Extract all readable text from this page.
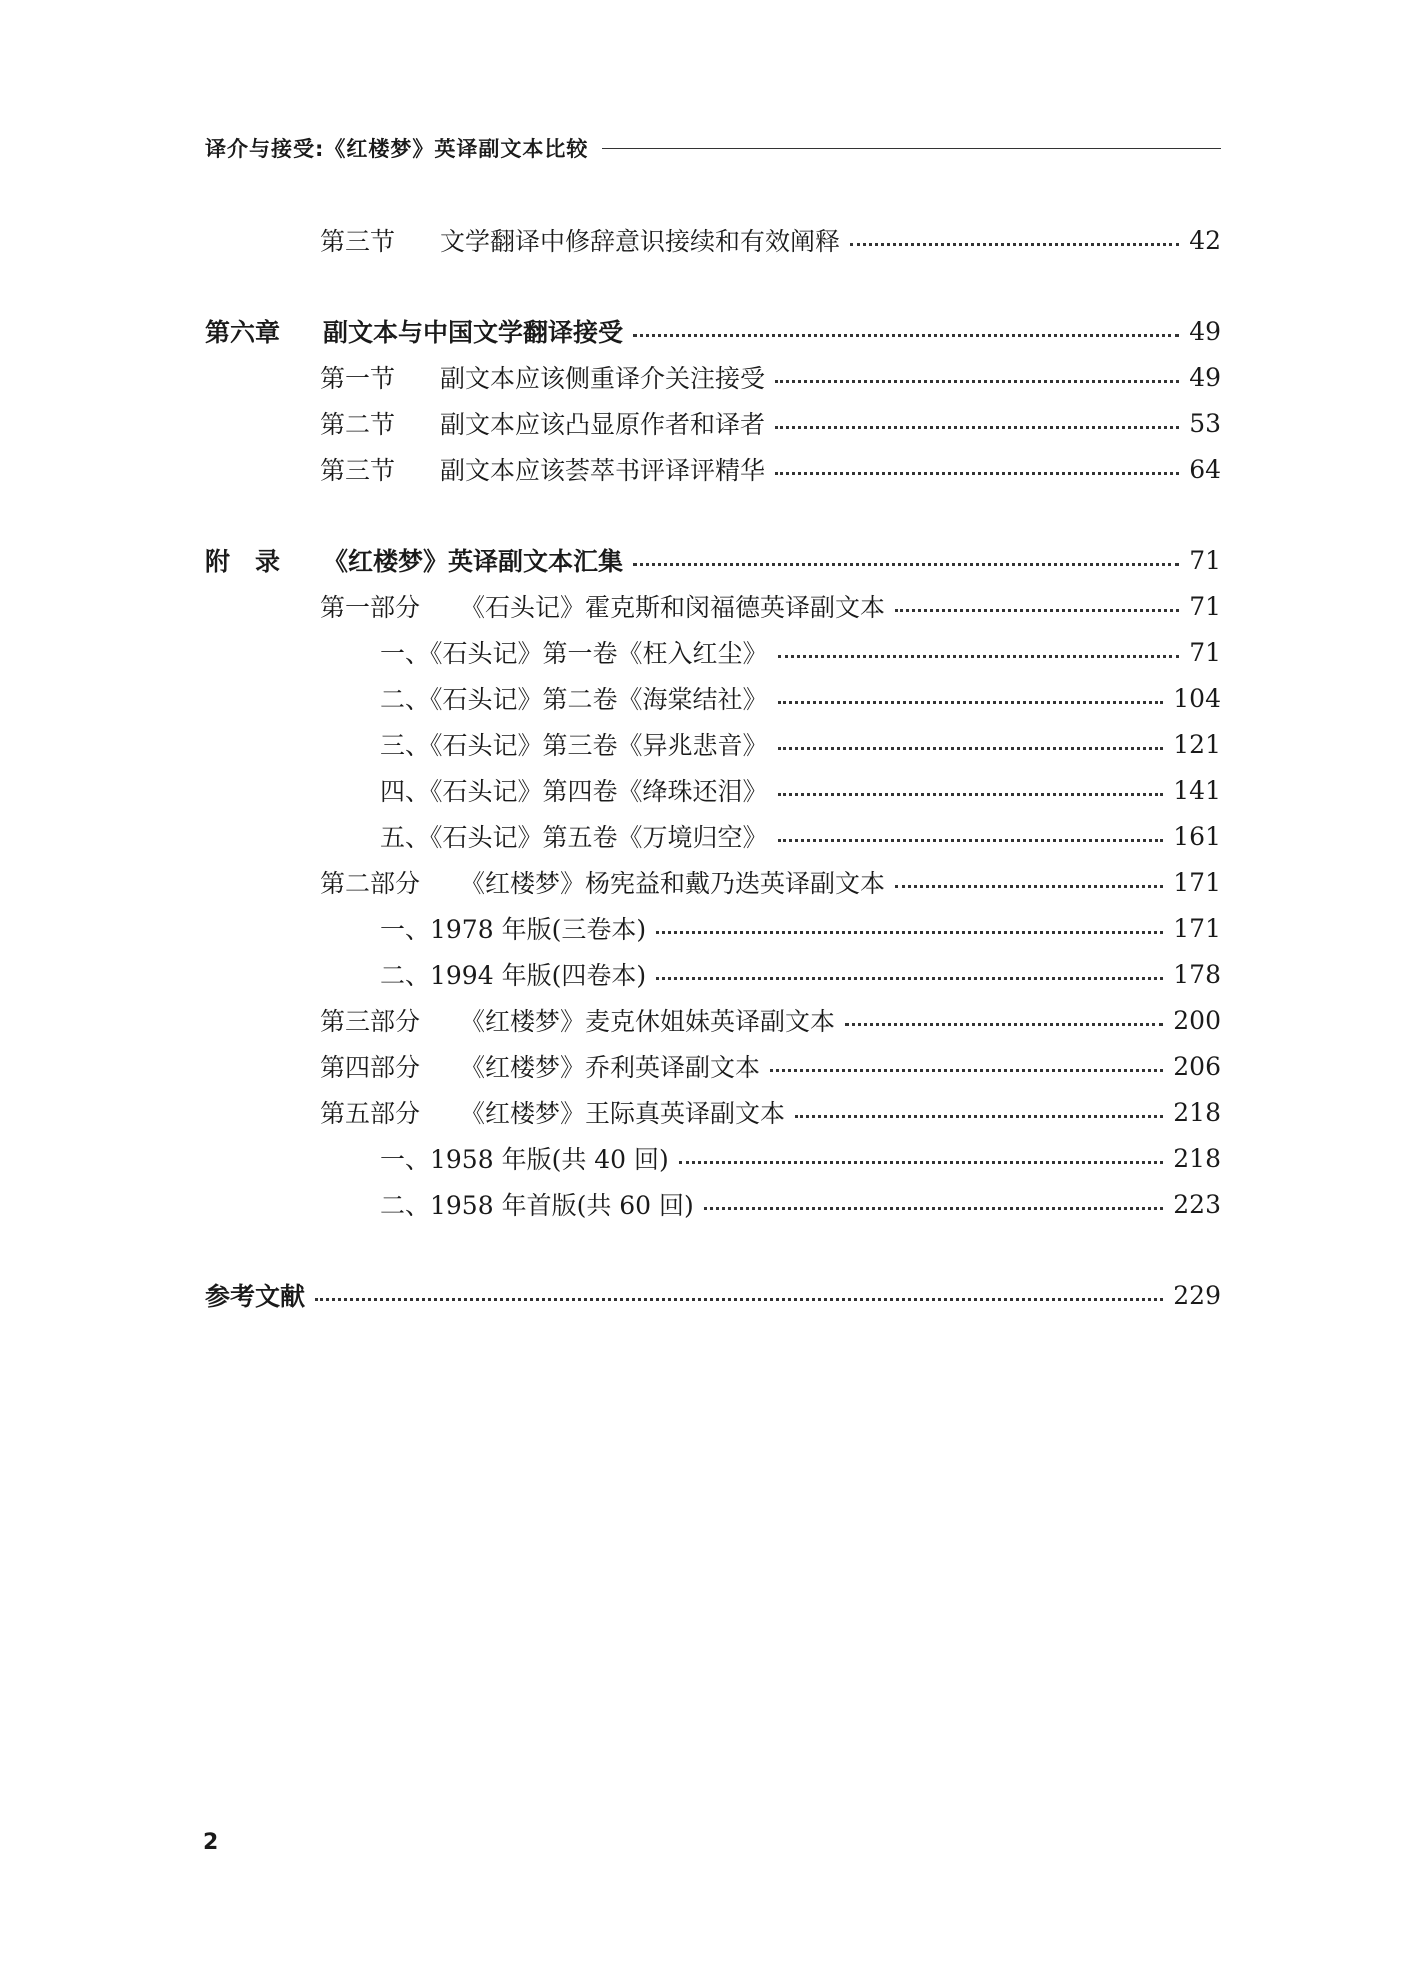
译介与接受:《红楼梦》英译副文本比较
第三节	文学翻译中修辞意识接续和有效阐释	42
第六章	副文本与中国文学翻译接受	49
第一节	副文本应该侧重译介关注接受	49
第二节	副文本应该凸显原作者和译者	53
第三节	副文本应该荟萃书评译评精华	64
附　录	《红楼梦》英译副文本汇集	71
第一部分	《石头记》霍克斯和闵福德英译副文本	71
一、《石头记》第一卷《枉入红尘》	71
二、《石头记》第二卷《海棠结社》	104
三、《石头记》第三卷《异兆悲音》	121
四、《石头记》第四卷《绛珠还泪》	141
五、《石头记》第五卷《万境归空》	161
第二部分	《红楼梦》杨宪益和戴乃迭英译副文本	171
一、1978 年版(三卷本)	171
二、1994 年版(四卷本)	178
第三部分	《红楼梦》麦克休姐妹英译副文本	200
第四部分	《红楼梦》乔利英译副文本	206
第五部分	《红楼梦》王际真英译副文本	218
一、1958 年版(共 40 回)	218
二、1958 年首版(共 60 回)	223
参考文献	229
2
